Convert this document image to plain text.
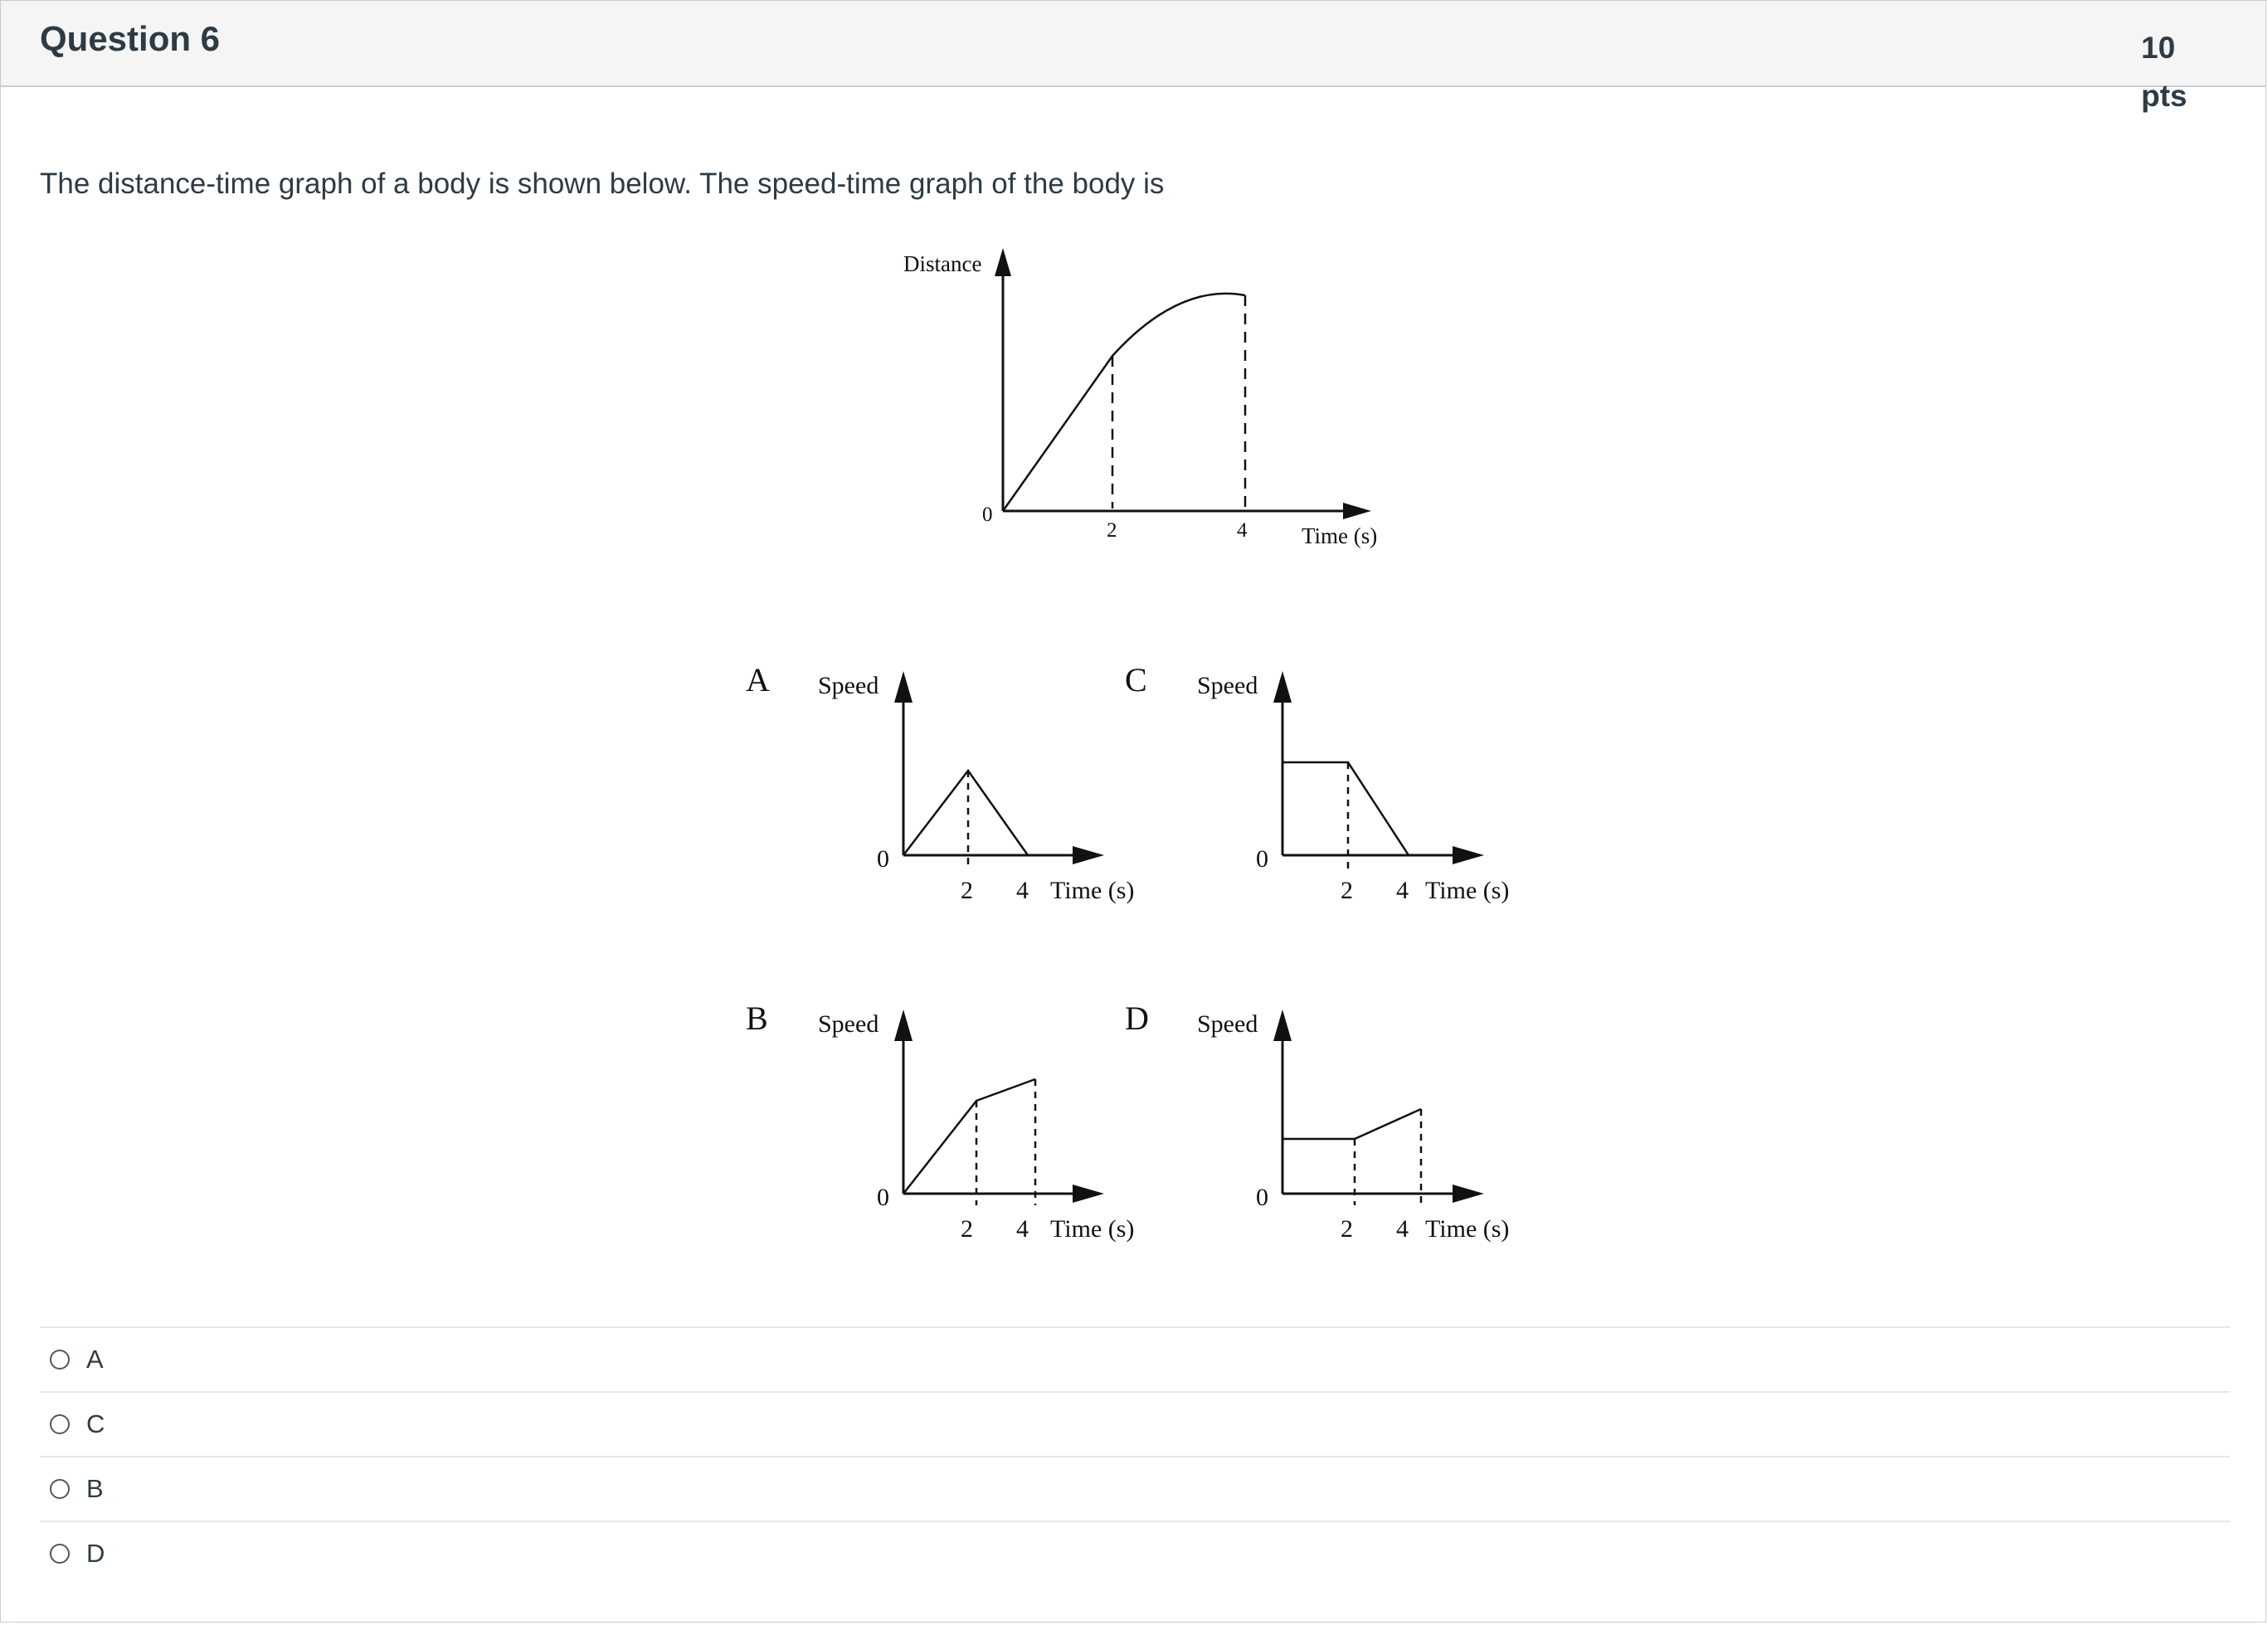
Question 6	10
pts
The distance-time graph of a body is shown below. The speed-time graph of the body is
Distance
0
2	4 Time (s)
A Speed
0
2 4 Time (s)
C Speed
0
2 4 Time (s)
B Speed
0
2 4 Time (s)
D Speed
0
2 4 Time (s)
A
C
B
D
